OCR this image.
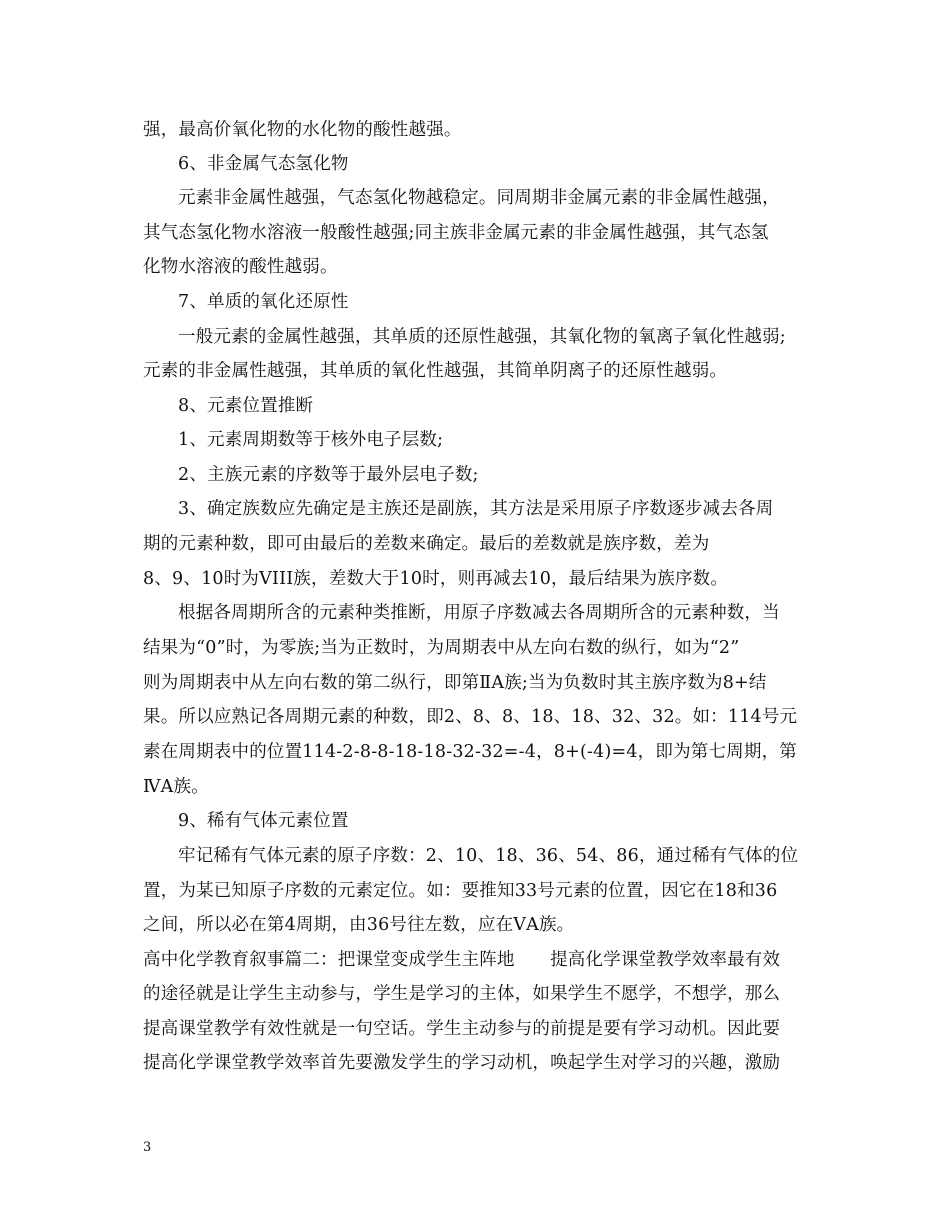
强，最高价氧化物的水化物的酸性越强。
6、非金属气态氢化物
元素非金属性越强，气态氢化物越稳定。同周期非金属元素的非金属性越强，
其气态氢化物水溶液一般酸性越强;同主族非金属元素的非金属性越强，其气态氢
化物水溶液的酸性越弱。
7、单质的氧化还原性
一般元素的金属性越强，其单质的还原性越强，其氧化物的氧离子氧化性越弱;
元素的非金属性越强，其单质的氧化性越强，其简单阴离子的还原性越弱。
8、元素位置推断
1、元素周期数等于核外电子层数;
2、主族元素的序数等于最外层电子数;
3、确定族数应先确定是主族还是副族，其方法是采用原子序数逐步减去各周
期的元素种数，即可由最后的差数来确定。最后的差数就是族序数，差为
8、9、10时为VIII族，差数大于10时，则再减去10，最后结果为族序数。
根据各周期所含的元素种类推断，用原子序数减去各周期所含的元素种数，当
结果为“0”时，为零族;当为正数时，为周期表中从左向右数的纵行，如为“2”
则为周期表中从左向右数的第二纵行，即第ⅡA族;当为负数时其主族序数为8+结
果。所以应熟记各周期元素的种数，即2、8、8、18、18、32、32。如：114号元
素在周期表中的位置114-2-8-8-18-18-32-32=-4，8+(-4)=4，即为第七周期，第
ⅣA族。
9、稀有气体元素位置
牢记稀有气体元素的原子序数：2、10、18、36、54、86，通过稀有气体的位
置，为某已知原子序数的元素定位。如：要推知33号元素的位置，因它在18和36
之间，所以必在第4周期，由36号往左数，应在ⅤA族。
高中化学教育叙事篇二：把课堂变成学生主阵地　　提高化学课堂教学效率最有效
的途径就是让学生主动参与，学生是学习的主体，如果学生不愿学，不想学，那么
提高课堂教学有效性就是一句空话。学生主动参与的前提是要有学习动机。因此要
提高化学课堂教学效率首先要激发学生的学习动机，唤起学生对学习的兴趣，激励
3
